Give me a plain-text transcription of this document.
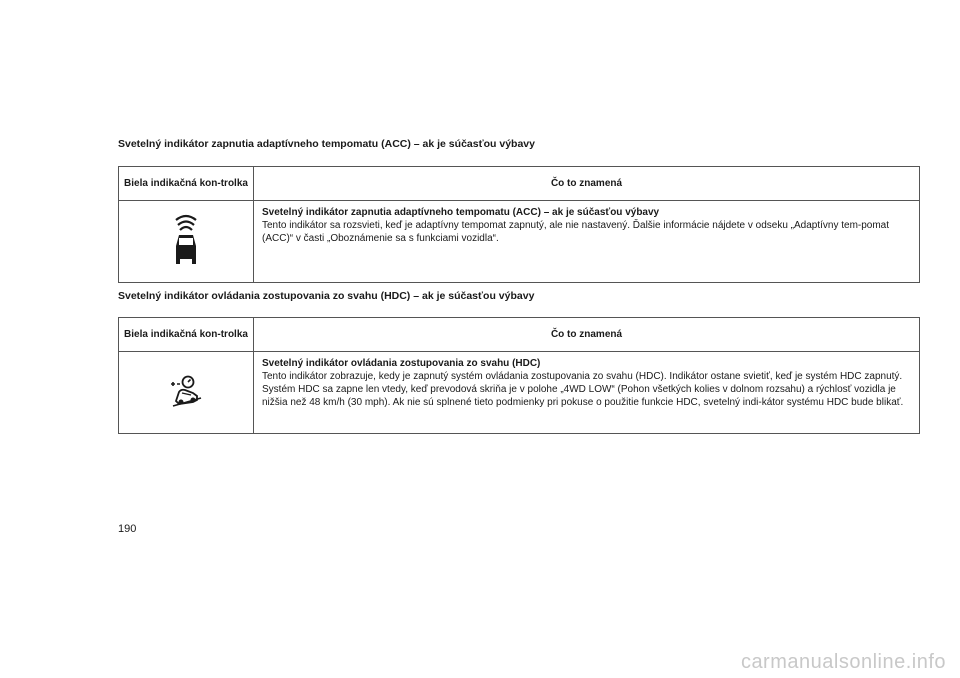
Svetelný indikátor zapnutia adaptívneho tempomatu (ACC) – ak je súčasťou výbavy
Biela indikačná kon-trolka	Čo to znamená

Svetelný indikátor zapnutia adaptívneho tempomatu (ACC) – ak je súčasťou výbavy
Tento indikátor sa rozsvieti, keď je adaptívny tempomat zapnutý, ale nie nastavený. Ďalšie informácie nájdete v odseku „Adaptívny tem-pomat (ACC)“ v časti „Oboznámenie sa s funkciami vozidla“.
Svetelný indikátor ovládania zostupovania zo svahu (HDC) – ak je súčasťou výbavy
Biela indikačná kon-trolka	Čo to znamená

Svetelný indikátor ovládania zostupovania zo svahu (HDC)
Tento indikátor zobrazuje, kedy je zapnutý systém ovládania zostupovania zo svahu (HDC). Indikátor ostane svietiť, keď je systém HDC zapnutý. Systém HDC sa zapne len vtedy, keď prevodová skriňa je v polohe „4WD LOW“ (Pohon všetkých kolies v dolnom rozsahu) a rýchlosť vozidla je nižšia než 48 km/h (30 mph). Ak nie sú splnené tieto podmienky pri pokuse o použitie funkcie HDC, svetelný indi-kátor systému HDC bude blikať.
190
carmanualsonline.info
